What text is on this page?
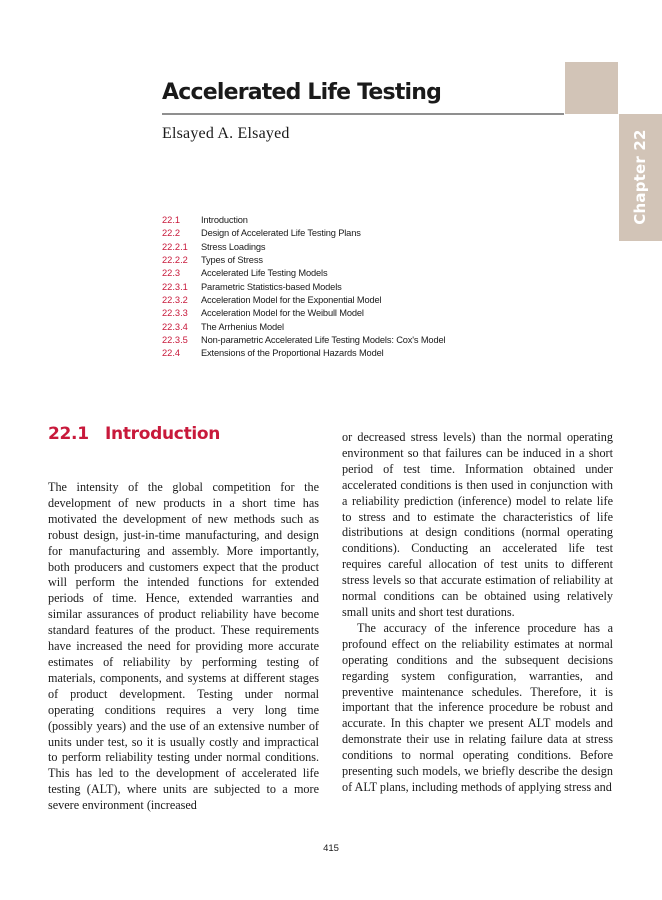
Chapter 22
Accelerated Life Testing
Elsayed A. Elsayed
22.1	Introduction
22.2	Design of Accelerated Life Testing Plans
22.2.1	Stress Loadings
22.2.2	Types of Stress
22.3	Accelerated Life Testing Models
22.3.1	Parametric Statistics-based Models
22.3.2	Acceleration Model for the Exponential Model
22.3.3	Acceleration Model for the Weibull Model
22.3.4	The Arrhenius Model
22.3.5	Non-parametric Accelerated Life Testing Models: Cox's Model
22.4	Extensions of the Proportional Hazards Model
22.1 Introduction

The intensity of the global competition for the development of new products in a short time has motivated the development of new methods such as robust design, just-in-time manufacturing, and design for manufacturing and assembly. More importantly, both producers and customers expect that the product will perform the intended functions for extended periods of time. Hence, extended warranties and similar assurances of product reliability have become standard features of the product. These requirements have increased the need for providing more accurate estimates of reliability by performing testing of materials, components, and systems at different stages of product development. Testing under normal operating conditions requires a very long time (possibly years) and the use of an extensive number of units under test, so it is usually costly and impractical to perform reliability testing under normal conditions. This has led to the development of accelerated life testing (ALT), where units are subjected to a more severe environment (increased

or decreased stress levels) than the normal operating environment so that failures can be induced in a short period of test time. Information obtained under accelerated conditions is then used in conjunction with a reliability prediction (inference) model to relate life to stress and to estimate the characteristics of life distributions at design conditions (normal operating conditions). Conducting an accelerated life test requires careful allocation of test units to different stress levels so that accurate estimation of reliability at normal conditions can be obtained using relatively small units and short test durations.

The accuracy of the inference procedure has a profound effect on the reliability estimates at normal operating conditions and the subsequent decisions regarding system configuration, warranties, and preventive maintenance schedules. Therefore, it is important that the inference procedure be robust and accurate. In this chapter we present ALT models and demonstrate their use in relating failure data at stress conditions to normal operating conditions. Before presenting such models, we briefly describe the design of ALT plans, including methods of applying stress and

415
